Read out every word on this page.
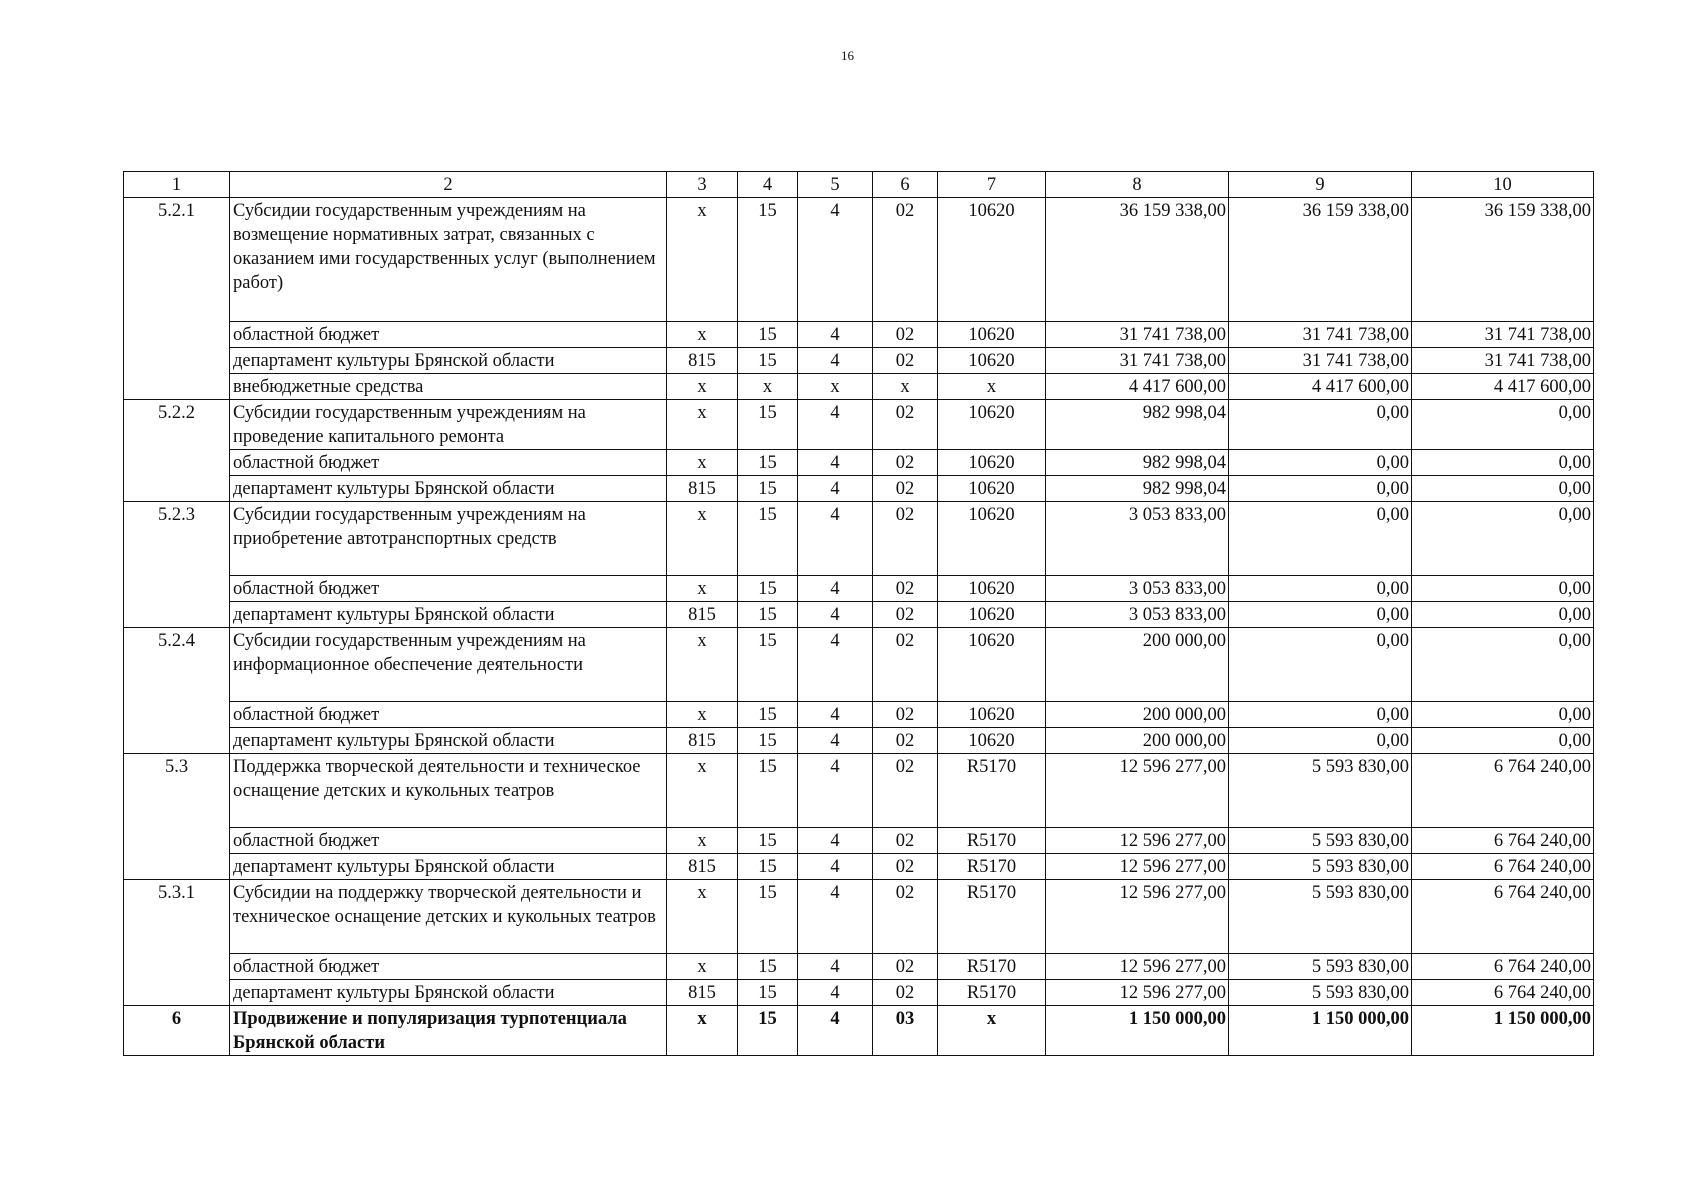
16
1	2	3	4	5	6	7	8	9	10
5.2.1	Субсидии государственным учреждениям на возмещение нормативных затрат, связанных с оказанием ими государственных услуг (выполнением работ)	х	15	4	02	10620	36 159 338,00	36 159 338,00	36 159 338,00
	областной бюджет	х	15	4	02	10620	31 741 738,00	31 741 738,00	31 741 738,00
	департамент культуры Брянской области	815	15	4	02	10620	31 741 738,00	31 741 738,00	31 741 738,00
	внебюджетные средства	х	х	х	х	х	4 417 600,00	4 417 600,00	4 417 600,00
5.2.2	Субсидии государственным учреждениям на проведение капитального ремонта	х	15	4	02	10620	982 998,04	0,00	0,00
	областной бюджет	х	15	4	02	10620	982 998,04	0,00	0,00
	департамент культуры Брянской области	815	15	4	02	10620	982 998,04	0,00	0,00
5.2.3	Субсидии государственным учреждениям на приобретение автотранспортных средств	х	15	4	02	10620	3 053 833,00	0,00	0,00
	областной бюджет	х	15	4	02	10620	3 053 833,00	0,00	0,00
	департамент культуры Брянской области	815	15	4	02	10620	3 053 833,00	0,00	0,00
5.2.4	Субсидии государственным учреждениям на информационное обеспечение деятельности	х	15	4	02	10620	200 000,00	0,00	0,00
	областной бюджет	х	15	4	02	10620	200 000,00	0,00	0,00
	департамент культуры Брянской области	815	15	4	02	10620	200 000,00	0,00	0,00
5.3	Поддержка творческой деятельности и техническое оснащение детских и кукольных театров	х	15	4	02	R5170	12 596 277,00	5 593 830,00	6 764 240,00
	областной бюджет	х	15	4	02	R5170	12 596 277,00	5 593 830,00	6 764 240,00
	департамент культуры Брянской области	815	15	4	02	R5170	12 596 277,00	5 593 830,00	6 764 240,00
5.3.1	Субсидии на поддержку творческой деятельности и техническое оснащение детских и кукольных театров	х	15	4	02	R5170	12 596 277,00	5 593 830,00	6 764 240,00
	областной бюджет	х	15	4	02	R5170	12 596 277,00	5 593 830,00	6 764 240,00
	департамент культуры Брянской области	815	15	4	02	R5170	12 596 277,00	5 593 830,00	6 764 240,00
6	Продвижение и популяризация турпотенциала Брянской области	х	15	4	03	х	1 150 000,00	1 150 000,00	1 150 000,00
